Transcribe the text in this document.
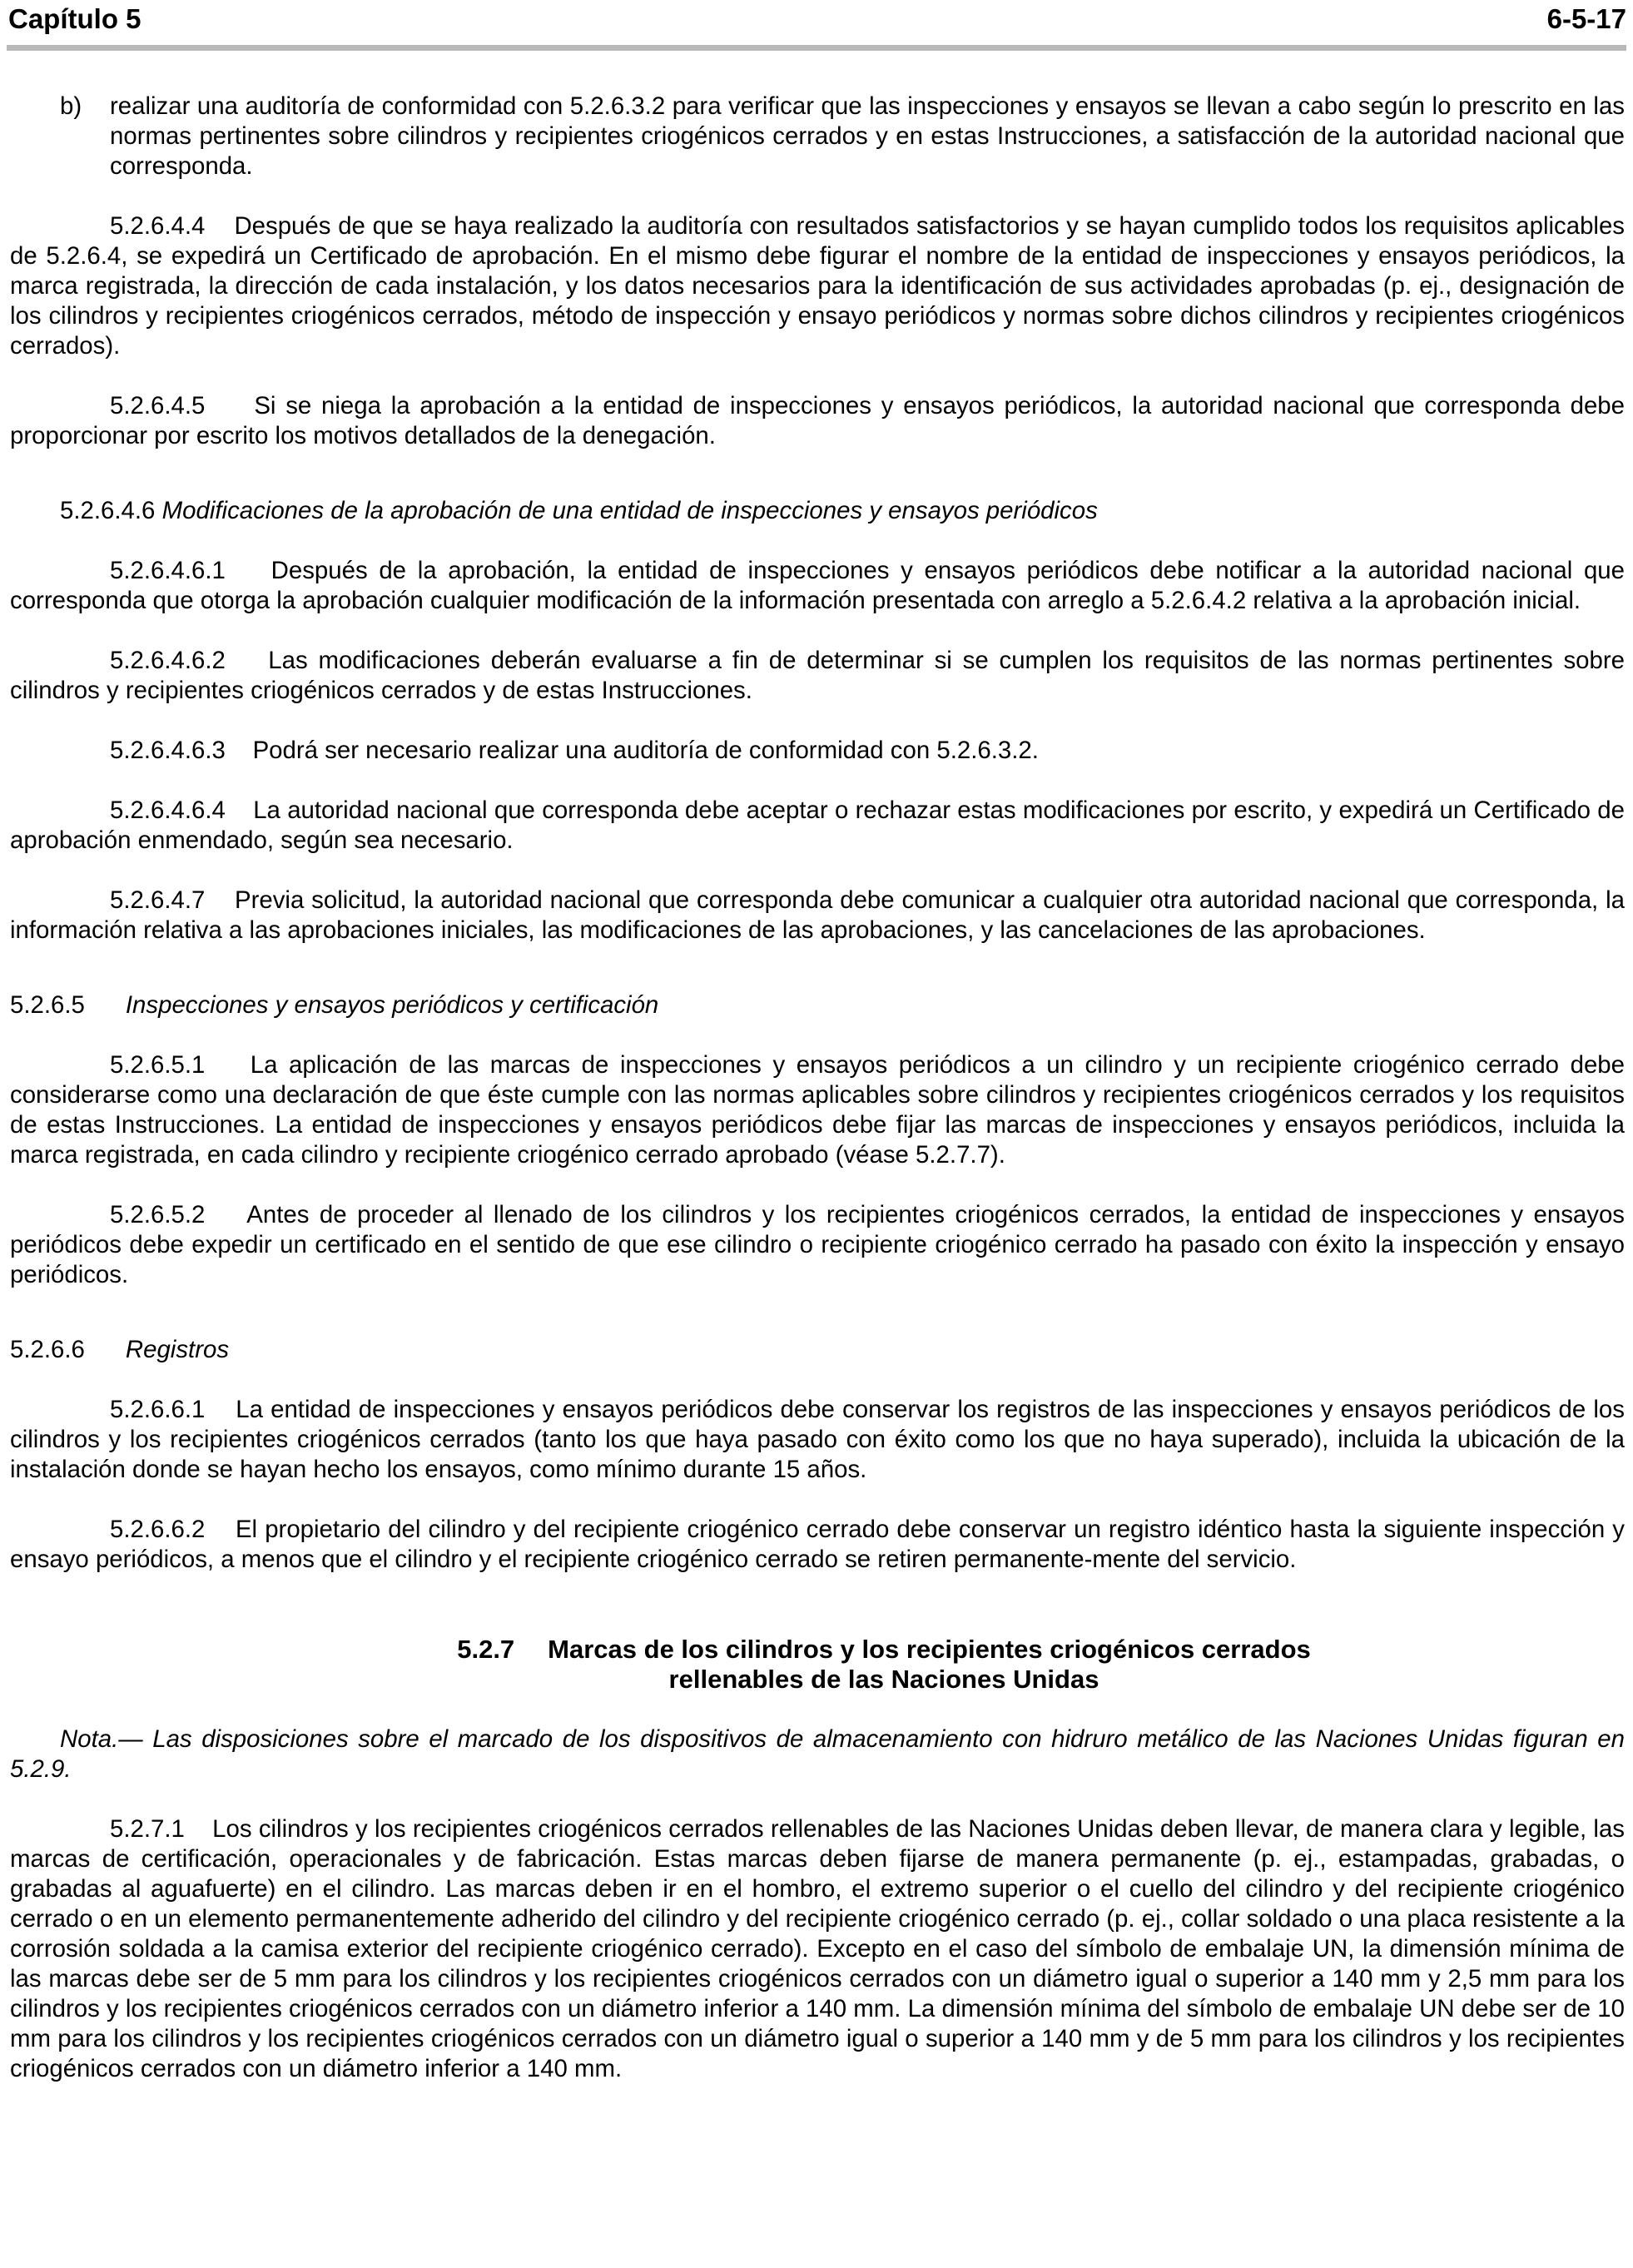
Capítulo 5	6-5-17

b) realizar una auditoría de conformidad con 5.2.6.3.2 para verificar que las inspecciones y ensayos se llevan a cabo según lo prescrito en las normas pertinentes sobre cilindros y recipientes criogénicos cerrados y en estas Instrucciones, a satisfacción de la autoridad nacional que corresponda.

5.2.6.4.4 Después de que se haya realizado la auditoría con resultados satisfactorios y se hayan cumplido todos los requisitos aplicables de 5.2.6.4, se expedirá un Certificado de aprobación. En el mismo debe figurar el nombre de la entidad de inspecciones y ensayos periódicos, la marca registrada, la dirección de cada instalación, y los datos necesarios para la identificación de sus actividades aprobadas (p. ej., designación de los cilindros y recipientes criogénicos cerrados, método de inspección y ensayo periódicos y normas sobre dichos cilindros y recipientes criogénicos cerrados).

5.2.6.4.5 Si se niega la aprobación a la entidad de inspecciones y ensayos periódicos, la autoridad nacional que corresponda debe proporcionar por escrito los motivos detallados de la denegación.

5.2.6.4.6 Modificaciones de la aprobación de una entidad de inspecciones y ensayos periódicos

5.2.6.4.6.1 Después de la aprobación, la entidad de inspecciones y ensayos periódicos debe notificar a la autoridad nacional que corresponda que otorga la aprobación cualquier modificación de la información presentada con arreglo a 5.2.6.4.2 relativa a la aprobación inicial.

5.2.6.4.6.2 Las modificaciones deberán evaluarse a fin de determinar si se cumplen los requisitos de las normas pertinentes sobre cilindros y recipientes criogénicos cerrados y de estas Instrucciones.

5.2.6.4.6.3 Podrá ser necesario realizar una auditoría de conformidad con 5.2.6.3.2.

5.2.6.4.6.4 La autoridad nacional que corresponda debe aceptar o rechazar estas modificaciones por escrito, y expedirá un Certificado de aprobación enmendado, según sea necesario.

5.2.6.4.7 Previa solicitud, la autoridad nacional que corresponda debe comunicar a cualquier otra autoridad nacional que corresponda, la información relativa a las aprobaciones iniciales, las modificaciones de las aprobaciones, y las cancelaciones de las aprobaciones.

5.2.6.5 Inspecciones y ensayos periódicos y certificación

5.2.6.5.1 La aplicación de las marcas de inspecciones y ensayos periódicos a un cilindro y un recipiente criogénico cerrado debe considerarse como una declaración de que éste cumple con las normas aplicables sobre cilindros y recipientes criogénicos cerrados y los requisitos de estas Instrucciones. La entidad de inspecciones y ensayos periódicos debe fijar las marcas de inspecciones y ensayos periódicos, incluida la marca registrada, en cada cilindro y recipiente criogénico cerrado aprobado (véase 5.2.7.7).

5.2.6.5.2 Antes de proceder al llenado de los cilindros y los recipientes criogénicos cerrados, la entidad de inspecciones y ensayos periódicos debe expedir un certificado en el sentido de que ese cilindro o recipiente criogénico cerrado ha pasado con éxito la inspección y ensayo periódicos.

5.2.6.6 Registros

5.2.6.6.1 La entidad de inspecciones y ensayos periódicos debe conservar los registros de las inspecciones y ensayos periódicos de los cilindros y los recipientes criogénicos cerrados (tanto los que haya pasado con éxito como los que no haya superado), incluida la ubicación de la instalación donde se hayan hecho los ensayos, como mínimo durante 15 años.

5.2.6.6.2 El propietario del cilindro y del recipiente criogénico cerrado debe conservar un registro idéntico hasta la siguiente inspección y ensayo periódicos, a menos que el cilindro y el recipiente criogénico cerrado se retiren permanente-mente del servicio.

5.2.7 Marcas de los cilindros y los recipientes criogénicos cerrados
rellenables de las Naciones Unidas

Nota.— Las disposiciones sobre el marcado de los dispositivos de almacenamiento con hidruro metálico de las Naciones Unidas figuran en 5.2.9.

5.2.7.1 Los cilindros y los recipientes criogénicos cerrados rellenables de las Naciones Unidas deben llevar, de manera clara y legible, las marcas de certificación, operacionales y de fabricación. Estas marcas deben fijarse de manera permanente (p. ej., estampadas, grabadas, o grabadas al aguafuerte) en el cilindro. Las marcas deben ir en el hombro, el extremo superior o el cuello del cilindro y del recipiente criogénico cerrado o en un elemento permanentemente adherido del cilindro y del recipiente criogénico cerrado (p. ej., collar soldado o una placa resistente a la corrosión soldada a la camisa exterior del recipiente criogénico cerrado). Excepto en el caso del símbolo de embalaje UN, la dimensión mínima de las marcas debe ser de 5 mm para los cilindros y los recipientes criogénicos cerrados con un diámetro igual o superior a 140 mm y 2,5 mm para los cilindros y los recipientes criogénicos cerrados con un diámetro inferior a 140 mm. La dimensión mínima del símbolo de embalaje UN debe ser de 10 mm para los cilindros y los recipientes criogénicos cerrados con un diámetro igual o superior a 140 mm y de 5 mm para los cilindros y los recipientes criogénicos cerrados con un diámetro inferior a 140 mm.
